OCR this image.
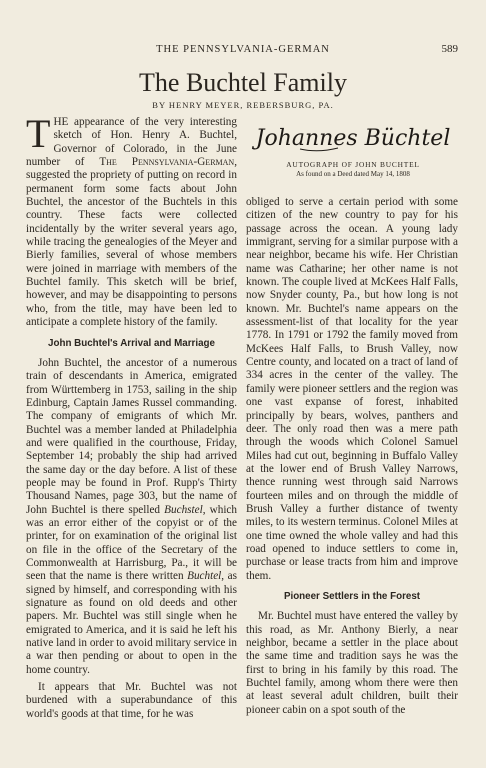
THE PENNSYLVANIA-GERMAN	589
The Buchtel Family
BY HENRY MEYER, REBERSBURG, PA.

THE appearance of the very interesting sketch of Hon. Henry A. Buchtel, Governor of Colorado, in the June number of The Pennsylvania-German, suggested the propriety of putting on record in permanent form some facts about John Buchtel, the ancestor of the Buchtels in this country. These facts were collected incidentally by the writer several years ago, while tracing the genealogies of the Meyer and Bierly families, several of whose members were joined in marriage with members of the Buchtel family. This sketch will be brief, however, and may be disappointing to persons who, from the title, may have been led to anticipate a complete history of the family.

John Buchtel's Arrival and Marriage

John Buchtel, the ancestor of a numerous train of descendants in America, emigrated from Württemberg in 1753, sailing in the ship Edinburg, Captain James Russel commanding. The company of emigrants of which Mr. Buchtel was a member landed at Philadelphia and were qualified in the courthouse, Friday, September 14; probably the ship had arrived the same day or the day before. A list of these people may be found in Prof. Rupp's Thirty Thousand Names, page 303, but the name of John Buchtel is there spelled Buchstel, which was an error either of the copyist or of the printer, for on examination of the original list on file in the office of the Secretary of the Commonwealth at Harrisburg, Pa., it will be seen that the name is there written Buchtel, as signed by himself, and corresponding with his signature as found on old deeds and other papers. Mr. Buchtel was still single when he emigrated to America, and it is said he left his native land in order to avoid military service in a war then pending or about to open in the home country.

It appears that Mr. Buchtel was not burdened with a superabundance of this world's goods at that time, for he was

Johannes Büchtel
AUTOGRAPH OF JOHN BUCHTEL
As found on a Deed dated May 14, 1808

obliged to serve a certain period with some citizen of the new country to pay for his passage across the ocean. A young lady immigrant, serving for a similar purpose with a near neighbor, became his wife. Her Christian name was Catharine; her other name is not known. The couple lived at McKees Half Falls, now Snyder county, Pa., but how long is not known. Mr. Buchtel's name appears on the assessment-list of that locality for the year 1778. In 1791 or 1792 the family moved from McKees Half Falls, to Brush Valley, now Centre county, and located on a tract of land of 334 acres in the center of the valley. The family were pioneer settlers and the region was one vast expanse of forest, inhabited principally by bears, wolves, panthers and deer. The only road then was a mere path through the woods which Colonel Samuel Miles had cut out, beginning in Buffalo Valley at the lower end of Brush Valley Narrows, thence running west through said Narrows fourteen miles and on through the middle of Brush Valley a further distance of twenty miles, to its western terminus. Colonel Miles at one time owned the whole valley and had this road opened to induce settlers to come in, purchase or lease tracts from him and improve them.

Pioneer Settlers in the Forest

Mr. Buchtel must have entered the valley by this road, as Mr. Anthony Bierly, a near neighbor, became a settler in the place about the same time and tradition says he was the first to bring in his family by this road. The Buchtel family, among whom there were then at least several adult children, built their pioneer cabin on a spot south of the
